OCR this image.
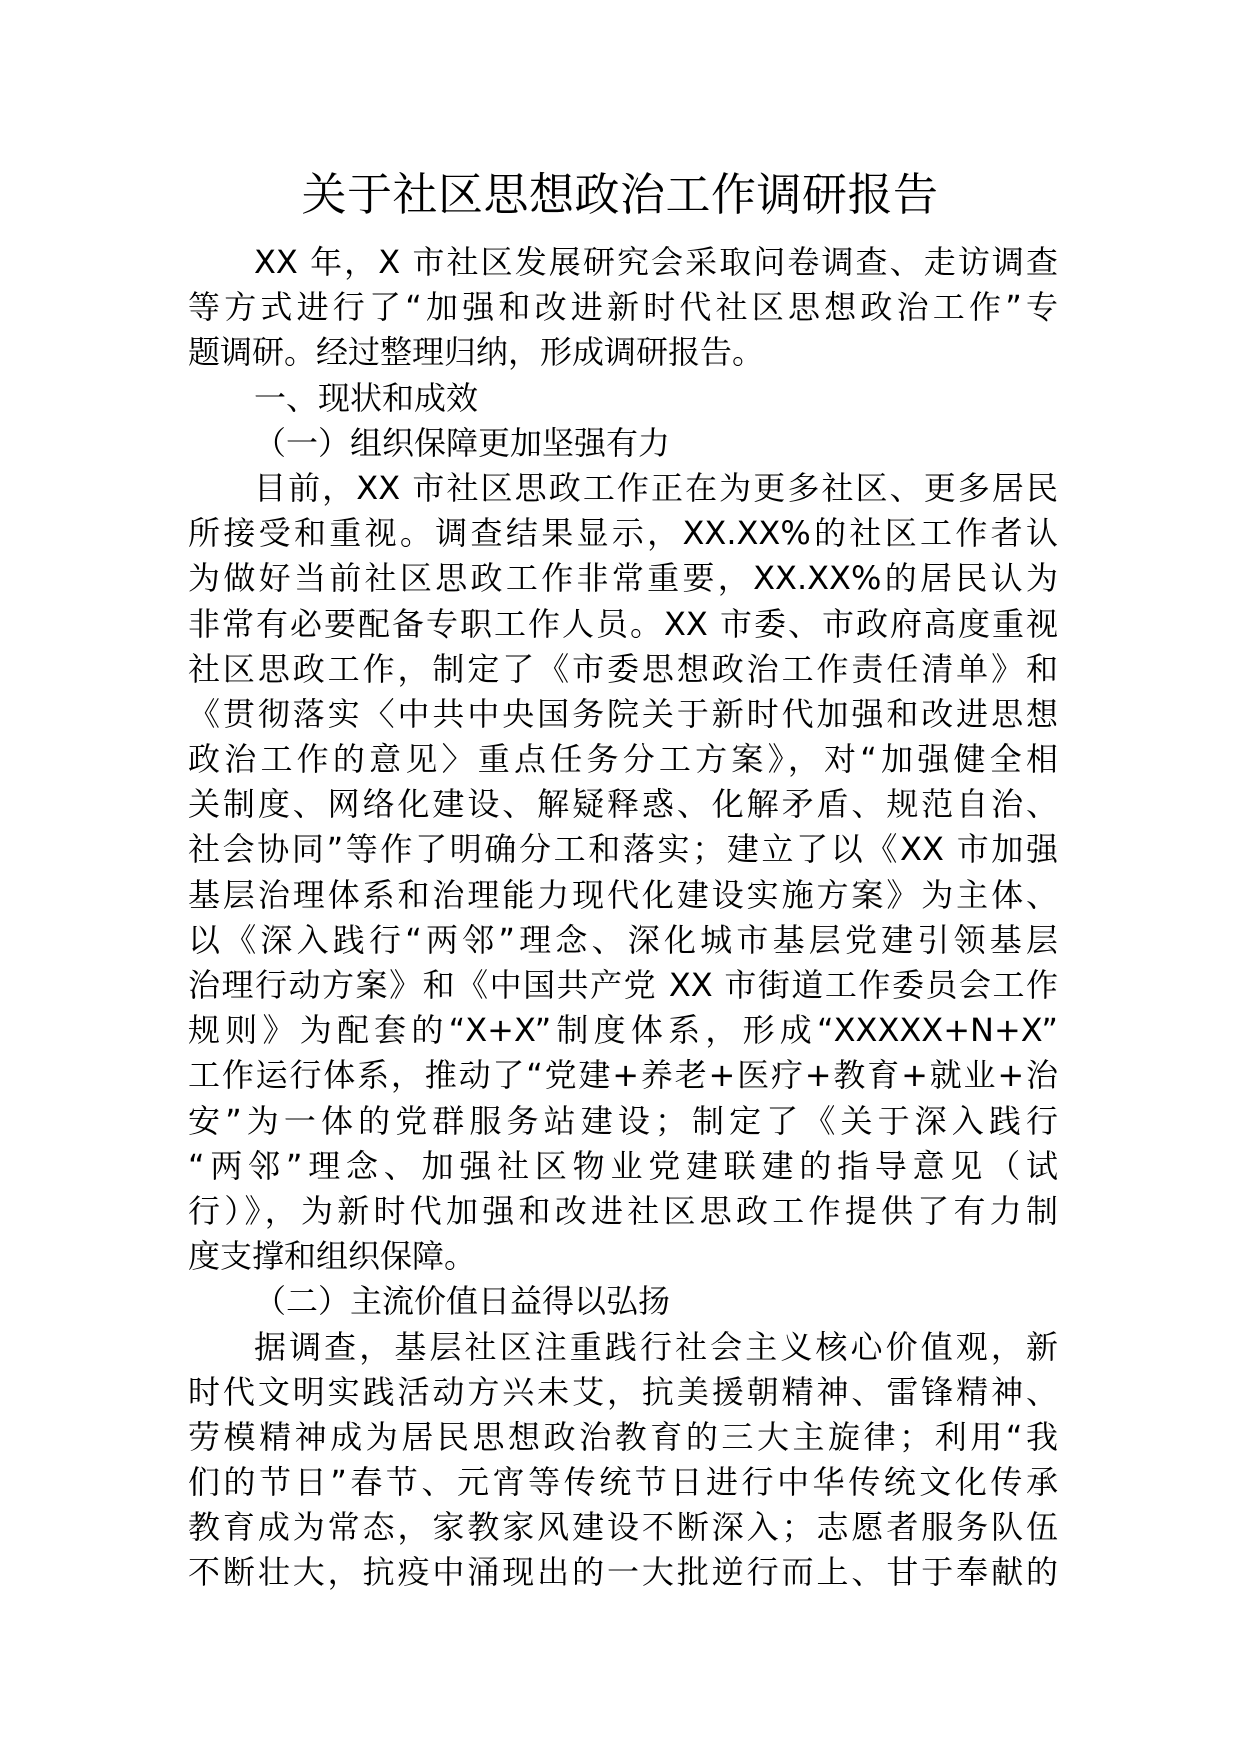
关于社区思想政治工作调研报告
XX 年，X 市社区发展研究会采取问卷调查、走访调查
等方式进行了“加强和改进新时代社区思想政治工作”专
题调研。经过整理归纳，形成调研报告。
一、现状和成效
（一）组织保障更加坚强有力
目前，XX 市社区思政工作正在为更多社区、更多居民
所接受和重视。调查结果显示，XX.XX%的社区工作者认
为做好当前社区思政工作非常重要，XX.XX%的居民认为
非常有必要配备专职工作人员。XX 市委、市政府高度重视
社区思政工作，制定了《市委思想政治工作责任清单》和
《贯彻落实〈中共中央国务院关于新时代加强和改进思想
政治工作的意见〉重点任务分工方案》，对“加强健全相
关制度、网络化建设、解疑释惑、化解矛盾、规范自治、
社会协同”等作了明确分工和落实；建立了以《XX 市加强
基层治理体系和治理能力现代化建设实施方案》为主体、
以《深入践行“两邻”理念、深化城市基层党建引领基层
治理行动方案》和《中国共产党 XX 市街道工作委员会工作
规则》为配套的“X+X”制度体系，形成“XXXXX+N+X”
工作运行体系，推动了“党建+养老+医疗+教育+就业+治
安”为一体的党群服务站建设；制定了《关于深入践行
“两邻”理念、加强社区物业党建联建的指导意见（试
行）》，为新时代加强和改进社区思政工作提供了有力制
度支撑和组织保障。
（二）主流价值日益得以弘扬
据调查，基层社区注重践行社会主义核心价值观，新
时代文明实践活动方兴未艾，抗美援朝精神、雷锋精神、
劳模精神成为居民思想政治教育的三大主旋律；利用“我
们的节日”春节、元宵等传统节日进行中华传统文化传承
教育成为常态，家教家风建设不断深入；志愿者服务队伍
不断壮大，抗疫中涌现出的一大批逆行而上、甘于奉献的
